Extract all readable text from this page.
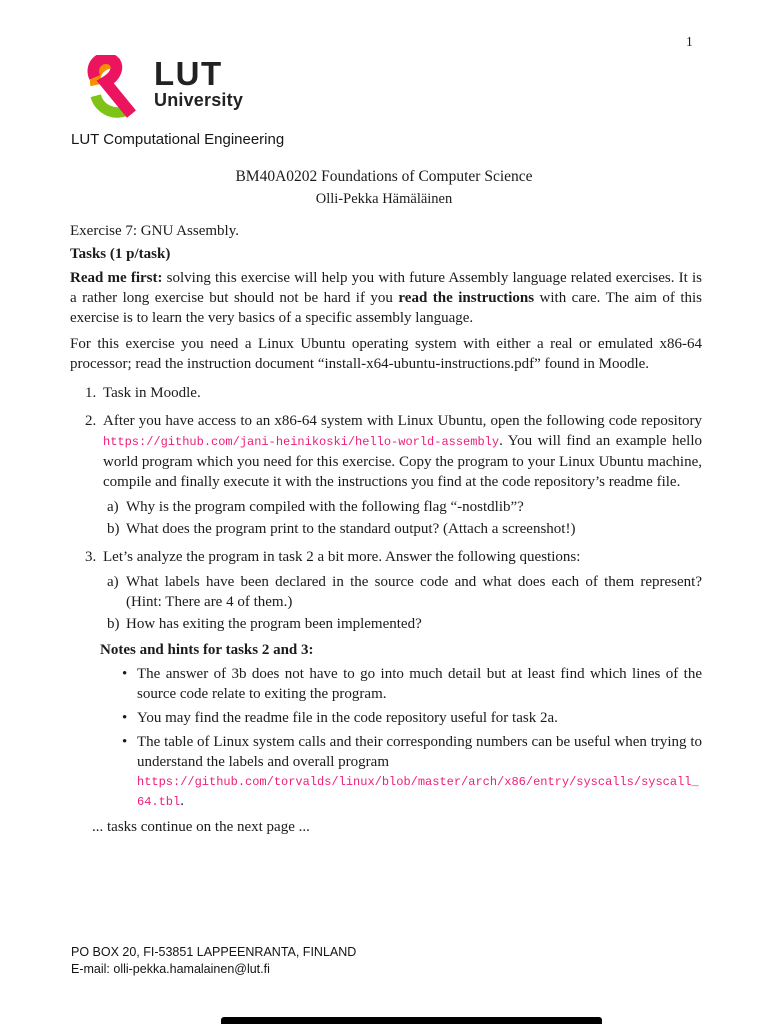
1
LUT
University
LUT Computational Engineering
BM40A0202 Foundations of Computer Science
Olli-Pekka Hämäläinen
Exercise 7: GNU Assembly.
Tasks (1 p/task)

Read me first: solving this exercise will help you with future Assembly language related exercises. It is a rather long exercise but should not be hard if you read the instructions with care. The aim of this exercise is to learn the very basics of a specific assembly language.

For this exercise you need a Linux Ubuntu operating system with either a real or emulated x86-64 processor; read the instruction document “install-x64-ubuntu-instructions.pdf” found in Moodle.

1. Task in Moodle.
2. After you have access to an x86-64 system with Linux Ubuntu, open the following code repository https://github.com/jani-heinikoski/hello-world-assembly. You will find an example hello world program which you need for this exercise. Copy the program to your Linux Ubuntu machine, compile and finally execute it with the instructions you find at the code repository’s readme file.
a) Why is the program compiled with the following flag “-nostdlib”?
b) What does the program print to the standard output? (Attach a screenshot!)
3. Let’s analyze the program in task 2 a bit more. Answer the following questions:
a) What labels have been declared in the source code and what does each of them represent? (Hint: There are 4 of them.)
b) How has exiting the program been implemented?
Notes and hints for tasks 2 and 3:
• The answer of 3b does not have to go into much detail but at least find which lines of the source code relate to exiting the program.
• You may find the readme file in the code repository useful for task 2a.
• The table of Linux system calls and their corresponding numbers can be useful when trying to understand the labels and overall program
https://github.com/torvalds/linux/blob/master/arch/x86/entry/syscalls/syscall_64.tbl.
... tasks continue on the next page ...
PO BOX 20, FI-53851 LAPPEENRANTA, FINLAND
E-mail: olli-pekka.hamalainen@lut.fi
